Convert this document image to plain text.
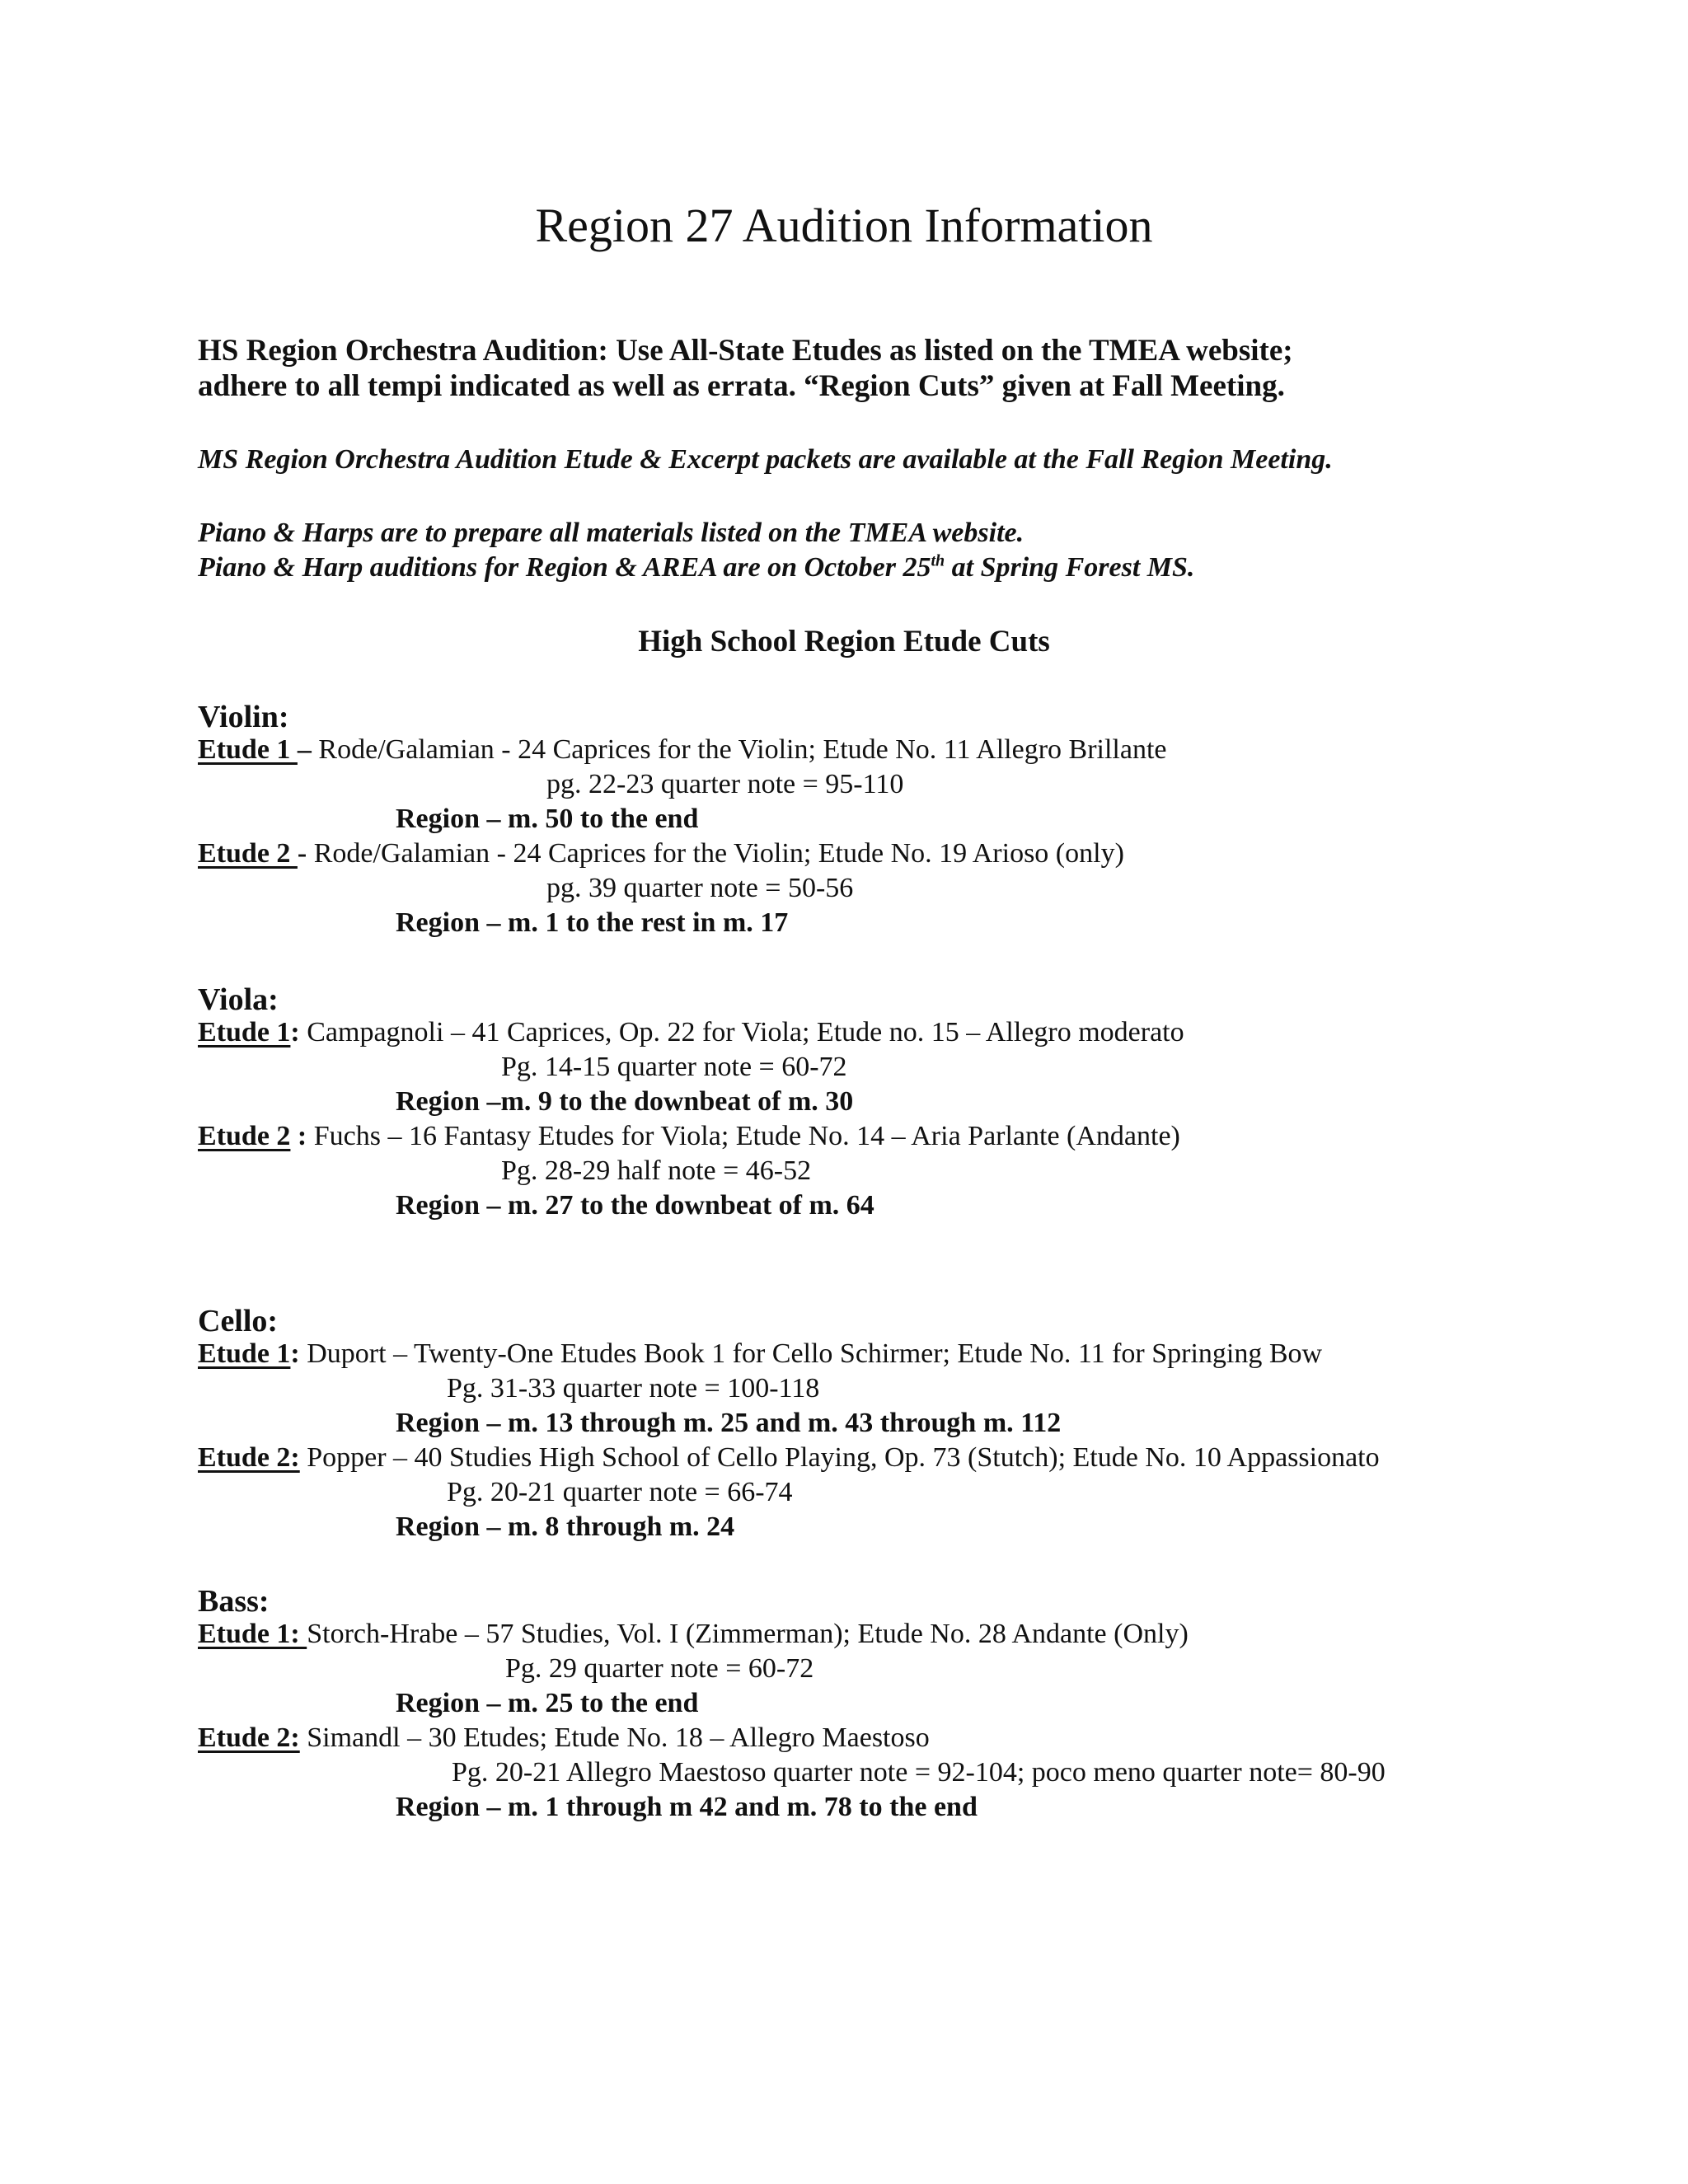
Region 27 Audition Information
HS Region Orchestra Audition: Use All-State Etudes as listed on the TMEA website;
adhere to all tempi indicated as well as errata. “Region Cuts” given at Fall Meeting.
MS Region Orchestra Audition Etude & Excerpt packets are available at the Fall Region Meeting.
Piano & Harps are to prepare all materials listed on the TMEA website.
Piano & Harp auditions for Region & AREA are on October 25th at Spring Forest MS.
High School Region Etude Cuts
Violin:
Etude 1 – Rode/Galamian - 24 Caprices for the Violin; Etude No. 11 Allegro Brillante
pg. 22-23 quarter note = 95-110
Region – m. 50 to the end
Etude 2 - Rode/Galamian - 24 Caprices for the Violin; Etude No. 19 Arioso (only)
pg. 39 quarter note = 50-56
Region – m. 1 to the rest in m. 17
Viola:
Etude 1: Campagnoli – 41 Caprices, Op. 22 for Viola; Etude no. 15 – Allegro moderato
Pg. 14-15 quarter note = 60-72
Region –m. 9 to the downbeat of m. 30
Etude 2 : Fuchs – 16 Fantasy Etudes for Viola; Etude No. 14 – Aria Parlante (Andante)
Pg. 28-29 half note = 46-52
Region – m. 27 to the downbeat of m. 64
Cello:
Etude 1: Duport – Twenty-One Etudes Book 1 for Cello Schirmer; Etude No. 11 for Springing Bow
Pg. 31-33 quarter note = 100-118
Region – m. 13 through m. 25 and m. 43 through m. 112
Etude 2: Popper – 40 Studies High School of Cello Playing, Op. 73 (Stutch); Etude No. 10 Appassionato
Pg. 20-21 quarter note = 66-74
Region – m. 8 through m. 24
Bass:
Etude 1: Storch-Hrabe – 57 Studies, Vol. I (Zimmerman); Etude No. 28 Andante (Only)
Pg. 29 quarter note = 60-72
Region – m. 25 to the end
Etude 2: Simandl – 30 Etudes; Etude No. 18 – Allegro Maestoso
Pg. 20-21 Allegro Maestoso quarter note = 92-104; poco meno quarter note= 80-90
Region – m. 1 through m 42 and m. 78 to the end
